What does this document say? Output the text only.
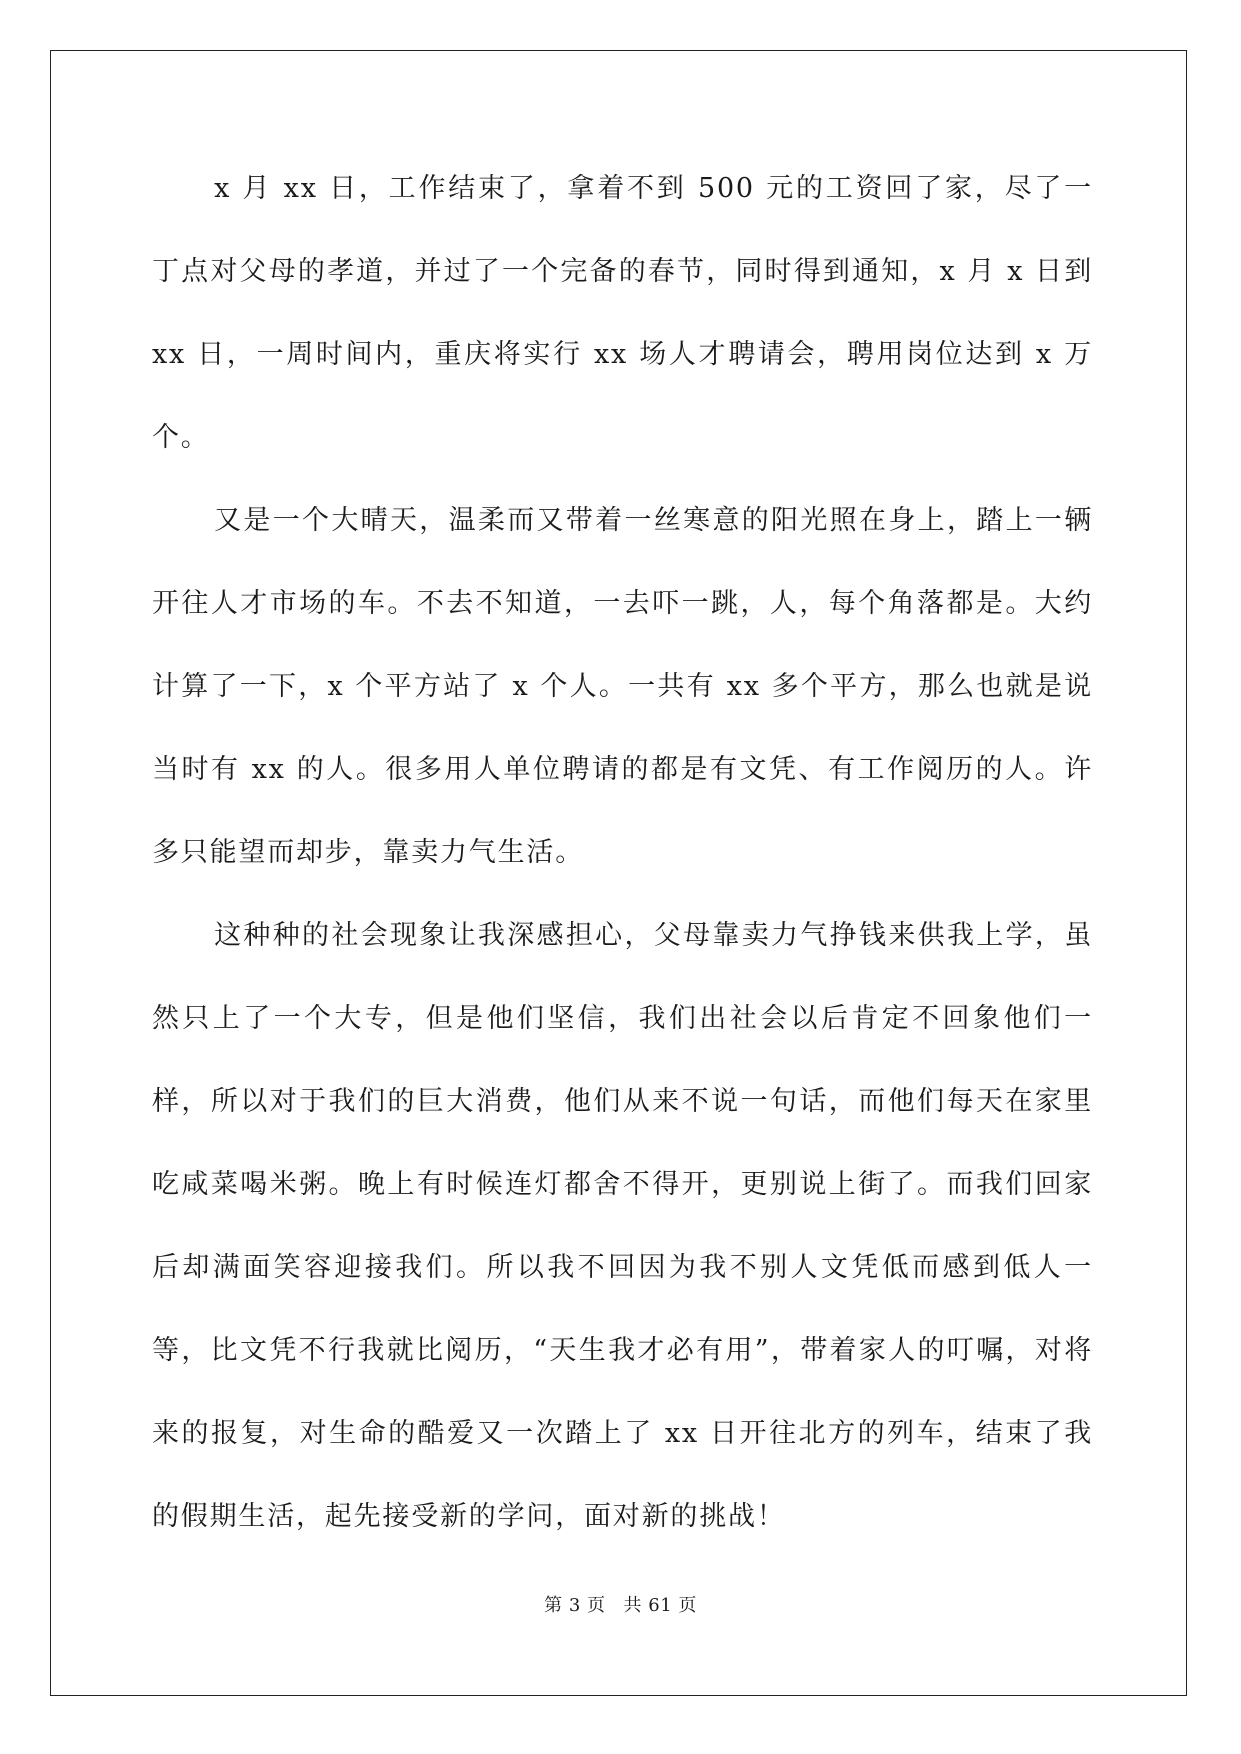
x 月 xx 日，工作结束了，拿着不到 500 元的工资回了家，尽了一丁点对父母的孝道，并过了一个完备的春节，同时得到通知，x 月 x 日到 xx 日，一周时间内，重庆将实行 xx 场人才聘请会，聘用岗位达到 x 万个。

又是一个大晴天，温柔而又带着一丝寒意的阳光照在身上，踏上一辆开往人才市场的车。不去不知道，一去吓一跳，人，每个角落都是。大约计算了一下，x 个平方站了 x 个人。一共有 xx 多个平方，那么也就是说当时有 xx 的人。很多用人单位聘请的都是有文凭、有工作阅历的人。许多只能望而却步，靠卖力气生活。

这种种的社会现象让我深感担心，父母靠卖力气挣钱来供我上学，虽然只上了一个大专，但是他们坚信，我们出社会以后肯定不回象他们一样，所以对于我们的巨大消费，他们从来不说一句话，而他们每天在家里吃咸菜喝米粥。晚上有时候连灯都舍不得开，更别说上街了。而我们回家后却满面笑容迎接我们。所以我不回因为我不别人文凭低而感到低人一等，比文凭不行我就比阅历，“天生我才必有用”，带着家人的叮嘱，对将来的报复，对生命的酷爱又一次踏上了 xx 日开往北方的列车，结束了我的假期生活，起先接受新的学问，面对新的挑战！

第 3 页 共 61 页
